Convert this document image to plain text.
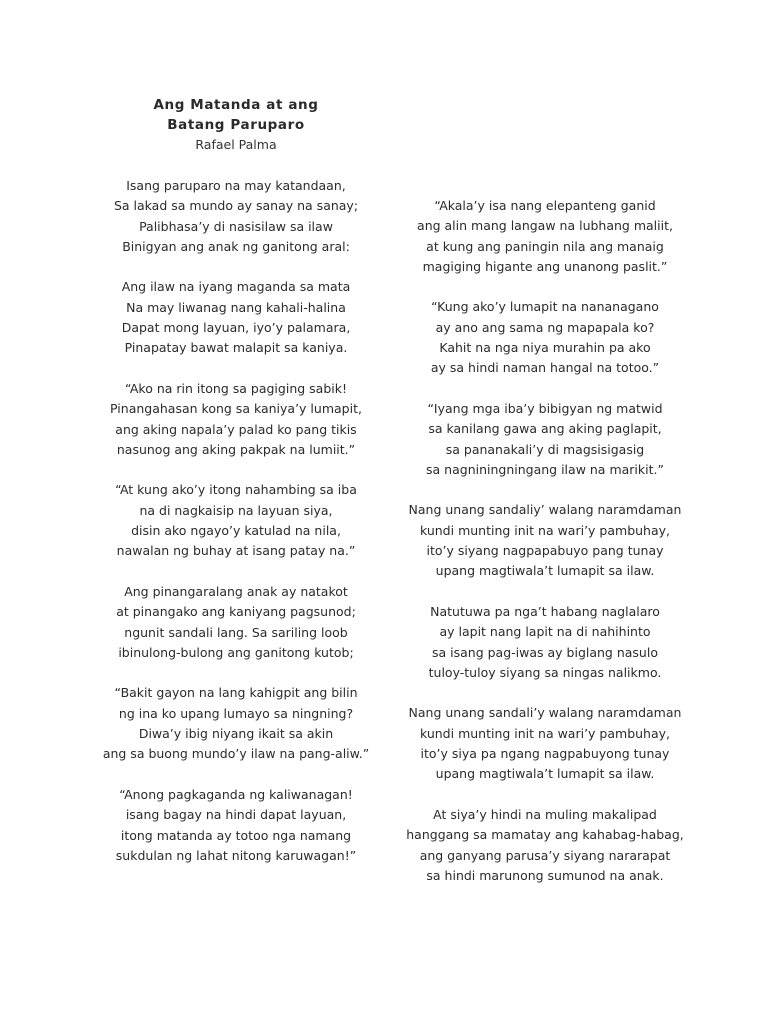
Ang Matanda at ang Batang Paruparo
Rafael Palma
Isang paruparo na may katandaan,
Sa lakad sa mundo ay sanay na sanay;
Palibhasa’y di nasisilaw sa ilaw
Binigyan ang anak ng ganitong aral:
Ang ilaw na iyang maganda sa mata
Na may liwanag nang kahali-halina
Dapat mong layuan, iyo’y palamara,
Pinapatay bawat malapit sa kaniya.
“Ako na rin itong sa pagiging sabik!
Pinangahasan kong sa kaniya’y lumapit,
ang aking napala’y palad ko pang tikis
nasunog ang aking pakpak na lumiit.”
“At kung ako’y itong nahambing sa iba
na di nagkaisip na layuan siya,
disin ako ngayo’y katulad na nila,
nawalan ng buhay at isang patay na.”
Ang pinangaralang anak ay natakot
at pinangako ang kaniyang pagsunod;
ngunit sandali lang. Sa sariling loob
ibinulong-bulong ang ganitong kutob;
“Bakit gayon na lang kahigpit ang bilin
ng ina ko upang lumayo sa ningning?
Diwa’y ibig niyang ikait sa akin
ang sa buong mundo’y ilaw na pang-aliw.”
“Anong pagkaganda ng kaliwanagan!
isang bagay na hindi dapat layuan,
itong matanda ay totoo nga namang
sukdulan ng lahat nitong karuwagan!”
“Akala’y isa nang elepanteng ganid
ang alin mang langaw na lubhang maliit,
at kung ang paningin nila ang manaig
magiging higante ang unanong paslit.”
“Kung ako’y lumapit na nananagano
ay ano ang sama ng mapapala ko?
Kahit na nga niya murahin pa ako
ay sa hindi naman hangal na totoo.”
“Iyang mga iba’y bibigyan ng matwid
sa kanilang gawa ang aking paglapit,
sa pananakali’y di magsisigasig
sa nagniningningang ilaw na marikit.”
Nang unang sandaliy’ walang naramdaman
kundi munting init na wari’y pambuhay,
ito’y siyang nagpapabuyo pang tunay
upang magtiwala’t lumapit sa ilaw.
Natutuwa pa nga’t habang naglalaro
ay lapit nang lapit na di nahihinto
sa isang pag-iwas ay biglang nasulo
tuloy-tuloy siyang sa ningas nalikmo.
Nang unang sandali’y walang naramdaman
kundi munting init na wari’y pambuhay,
ito’y siya pa ngang nagpabuyong tunay
upang magtiwala’t lumapit sa ilaw.
At siya’y hindi na muling makalipad
hanggang sa mamatay ang kahabag-habag,
ang ganyang parusa’y siyang nararapat
sa hindi marunong sumunod na anak.
